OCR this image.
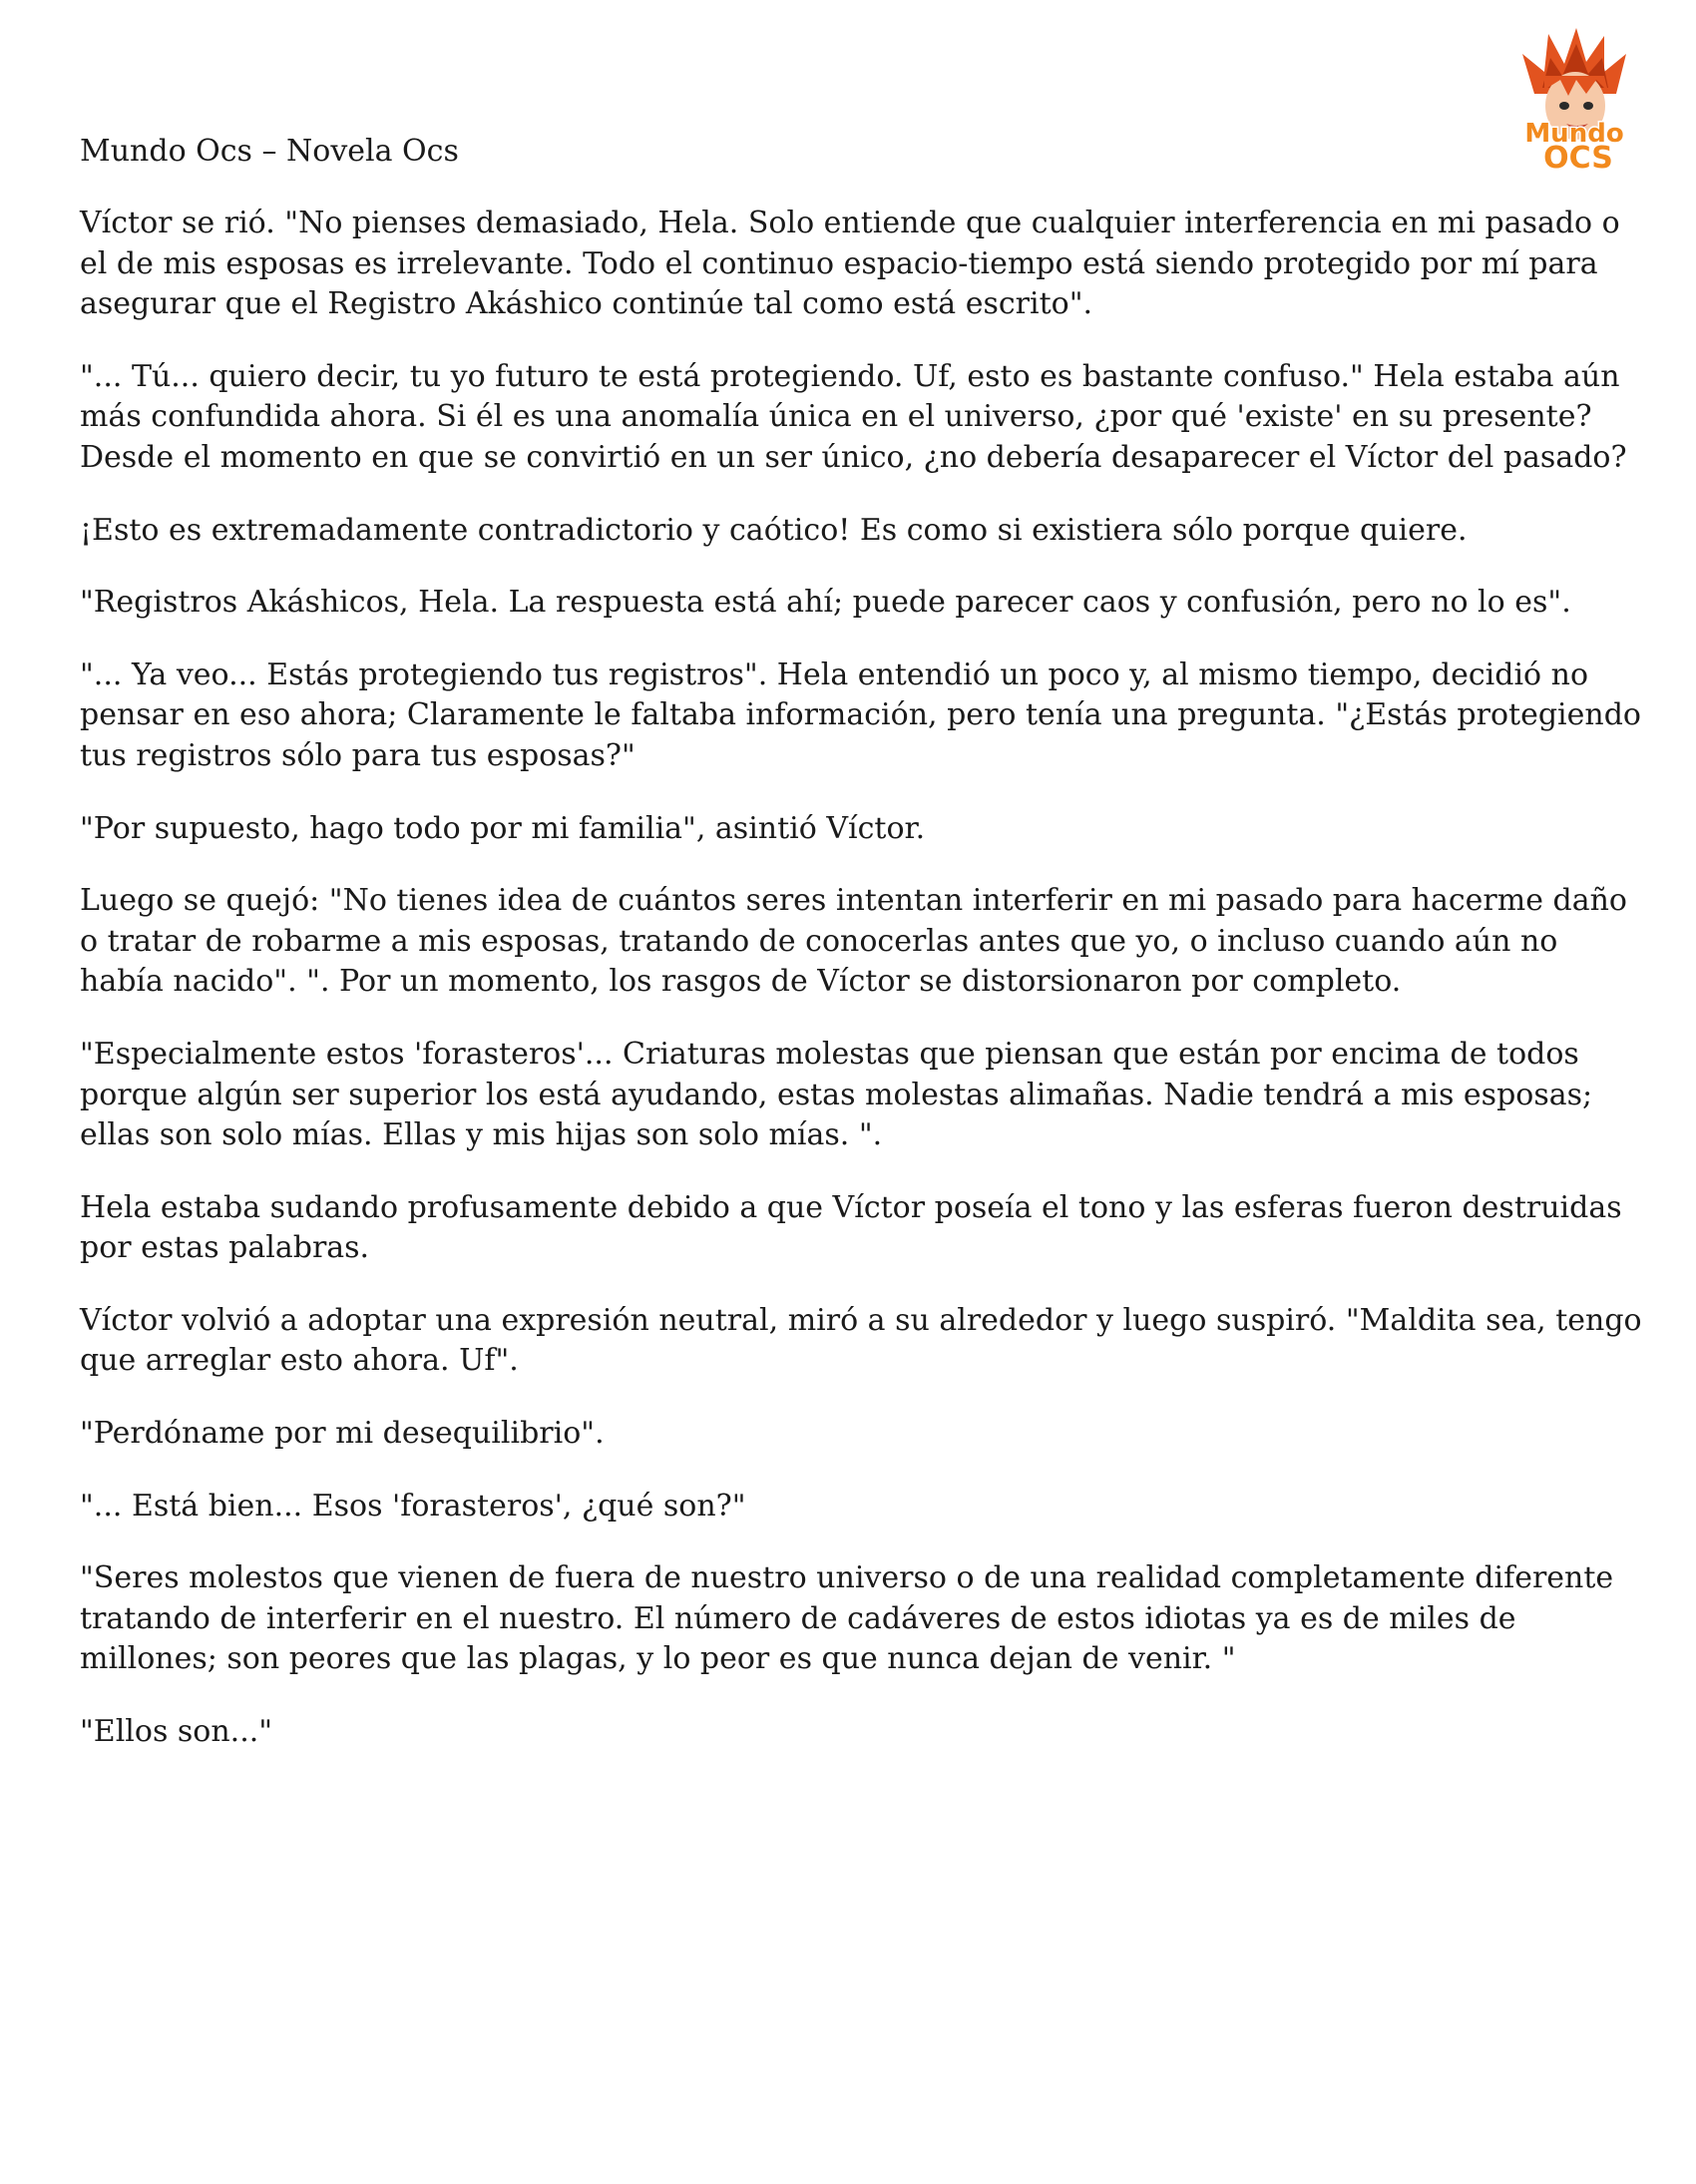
Mundo Ocs – Novela Ocs	Mundo
OCS

Víctor se rió. "No pienses demasiado, Hela. Solo entiende que cualquier interferencia en mi pasado o el de mis esposas es irrelevante. Todo el continuo espacio-tiempo está siendo protegido por mí para asegurar que el Registro Akáshico continúe tal como está escrito".

"... Tú... quiero decir, tu yo futuro te está protegiendo. Uf, esto es bastante confuso." Hela estaba aún más confundida ahora. Si él es una anomalía única en el universo, ¿por qué 'existe' en su presente? Desde el momento en que se convirtió en un ser único, ¿no debería desaparecer el Víctor del pasado?

¡Esto es extremadamente contradictorio y caótico! Es como si existiera sólo porque quiere.

"Registros Akáshicos, Hela. La respuesta está ahí; puede parecer caos y confusión, pero no lo es".

"... Ya veo... Estás protegiendo tus registros". Hela entendió un poco y, al mismo tiempo, decidió no pensar en eso ahora; Claramente le faltaba información, pero tenía una pregunta. "¿Estás protegiendo tus registros sólo para tus esposas?"

"Por supuesto, hago todo por mi familia", asintió Víctor.

Luego se quejó: "No tienes idea de cuántos seres intentan interferir en mi pasado para hacerme daño o tratar de robarme a mis esposas, tratando de conocerlas antes que yo, o incluso cuando aún no había nacido". ". Por un momento, los rasgos de Víctor se distorsionaron por completo.

"Especialmente estos 'forasteros'... Criaturas molestas que piensan que están por encima de todos porque algún ser superior los está ayudando, estas molestas alimañas. Nadie tendrá a mis esposas; ellas son solo mías. Ellas y mis hijas son solo mías. ".

Hela estaba sudando profusamente debido a que Víctor poseía el tono y las esferas fueron destruidas por estas palabras.

Víctor volvió a adoptar una expresión neutral, miró a su alrededor y luego suspiró. "Maldita sea, tengo que arreglar esto ahora. Uf".

"Perdóname por mi desequilibrio".

"... Está bien... Esos 'forasteros', ¿qué son?"

"Seres molestos que vienen de fuera de nuestro universo o de una realidad completamente diferente tratando de interferir en el nuestro. El número de cadáveres de estos idiotas ya es de miles de millones; son peores que las plagas, y lo peor es que nunca dejan de venir. "

"Ellos son..."
